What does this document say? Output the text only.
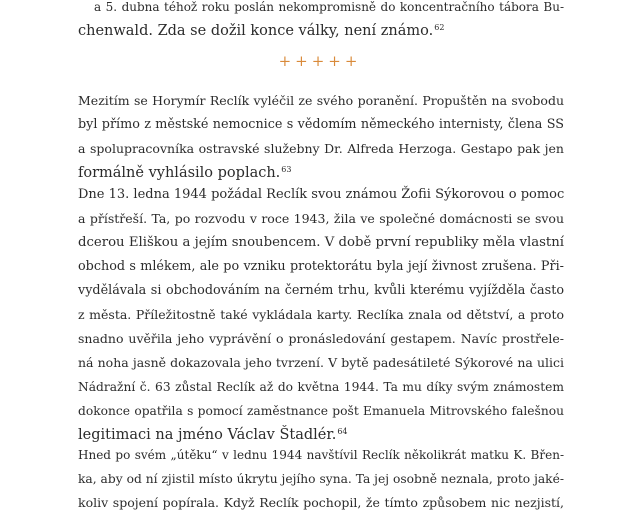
a 5. dubna téhož roku poslán nekompromisně do koncentračního tábora Bu-
chenwald. Zda se dožil konce války, není známo.$^{62}$
+++++
Mezitím se Horymír Reclík vyléčil ze svého poranění. Propuštěn na svobodu
byl přímo z městské nemocnice s vědomím německého internisty, člena SS
a spolupracovníka ostravské služebny Dr. Alfreda Herzoga. Gestapo pak jen
formálně vyhlásilo poplach.$^{63}$
Dne 13. ledna 1944 požádal Reclík svou známou Žofii Sýkorovou o pomoc
a přístřeší. Ta, po rozvodu v roce 1943, žila ve společné domácnosti se svou
dcerou Eliškou a jejím snoubencem. V době první republiky měla vlastní
obchod s mlékem, ale po vzniku protektorátu byla její živnost zrušena. Při-
vydělávala si obchodováním na černém trhu, kvůli kterému vyjížděla často
z města. Příležitostně také vykládala karty. Reclíka znala od dětství, a proto
snadno uvěřila jeho vyprávění o pronásledování gestapem. Navíc prostřele-
ná noha jasně dokazovala jeho tvrzení. V bytě padesátileté Sýkorové na ulici
Nádražní č. 63 zůstal Reclík až do května 1944. Ta mu díky svým známostem
dokonce opatřila s pomocí zaměstnance pošt Emanuela Mitrovského falešnou
legitimaci na jméno Václav Štadlér.$^{64}$
Hned po svém „útěku“ v lednu 1944 navštívil Reclík několikrát matku K. Břen-
ka, aby od ní zjistil místo úkrytu jejího syna. Ta jej osobně neznala, proto jaké-
koliv spojení popírala. Když Reclík pochopil, že tímto způsobem nic nezjistí,
